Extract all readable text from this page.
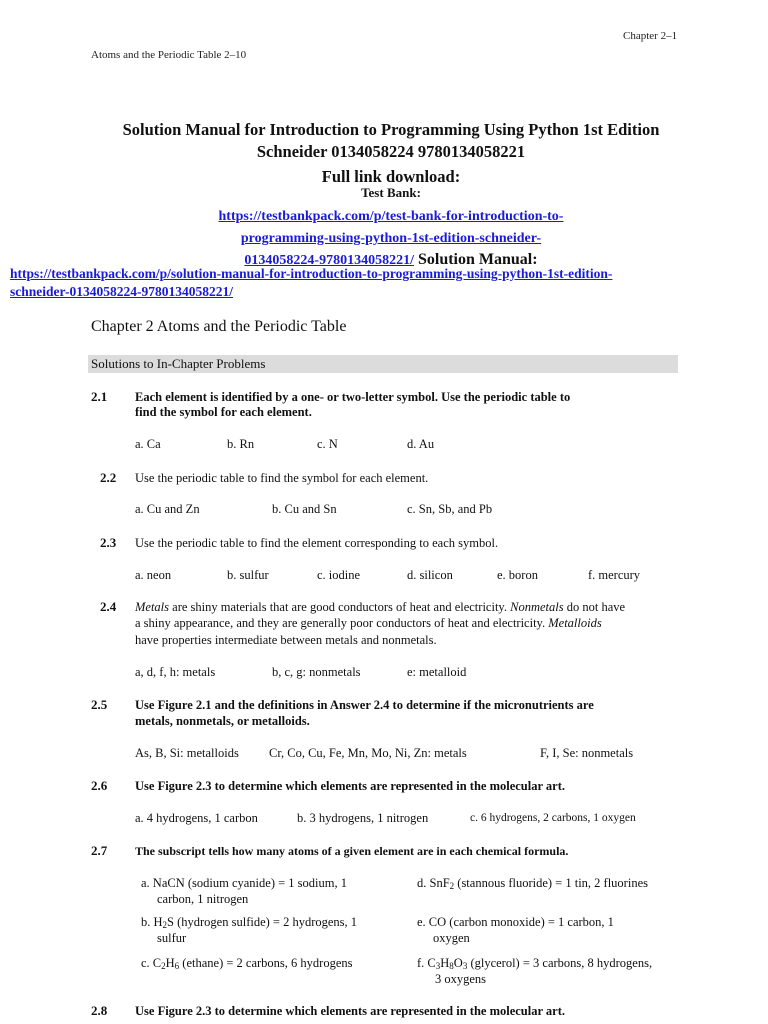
Chapter 2–1
Atoms and the Periodic Table 2–10
Solution Manual for Introduction to Programming Using Python 1st Edition
Schneider 0134058224 9780134058221
Full link download:
Test Bank:
https://testbankpack.com/p/test-bank-for-introduction-to-
programming-using-python-1st-edition-schneider-
0134058224-9780134058221/ Solution Manual:
https://testbankpack.com/p/solution-manual-for-introduction-to-programming-using-python-1st-edition-
schneider-0134058224-9780134058221/
Chapter 2 Atoms and the Periodic Table
Solutions to In-Chapter Problems
2.1 Each element is identified by a one- or two-letter symbol. Use the periodic table to
find the symbol for each element.
a. Ca	b. Rn	c. N	d. Au
2.2 Use the periodic table to find the symbol for each element.
a. Cu and Zn	b. Cu and Sn	c. Sn, Sb, and Pb
2.3 Use the periodic table to find the element corresponding to each symbol.
a. neon	b. sulfur	c. iodine	d. silicon	e. boron	f. mercury
2.4 Metals are shiny materials that are good conductors of heat and electricity. Nonmetals do not have
a shiny appearance, and they are generally poor conductors of heat and electricity. Metalloids
have properties intermediate between metals and nonmetals.
a, d, f, h: metals	b, c, g: nonmetals	e: metalloid
2.5 Use Figure 2.1 and the definitions in Answer 2.4 to determine if the micronutrients are
metals, nonmetals, or metalloids.
As, B, Si: metalloids Cr, Co, Cu, Fe, Mn, Mo, Ni, Zn: metals	F, I, Se: nonmetals
2.6 Use Figure 2.3 to determine which elements are represented in the molecular art.
a. 4 hydrogens, 1 carbon	b. 3 hydrogens, 1 nitrogen	c. 6 hydrogens, 2 carbons, 1 oxygen
2.7 The subscript tells how many atoms of a given element are in each chemical formula.
a. NaCN (sodium cyanide) = 1 sodium, 1
carbon, 1 nitrogen
b. $H_2S$ (hydrogen sulfide) = 2 hydrogens, 1
sulfur
c. $C_2H_6$ (ethane) = 2 carbons, 6 hydrogens
d. SnF$_2$ (stannous fluoride) = 1 tin, 2 fluorines
e. CO (carbon monoxide) = 1 carbon, 1
oxygen
f. $C_3H_8O_3$ (glycerol) = 3 carbons, 8 hydrogens,
3 oxygens
2.8 Use Figure 2.3 to determine which elements are represented in the molecular art.
